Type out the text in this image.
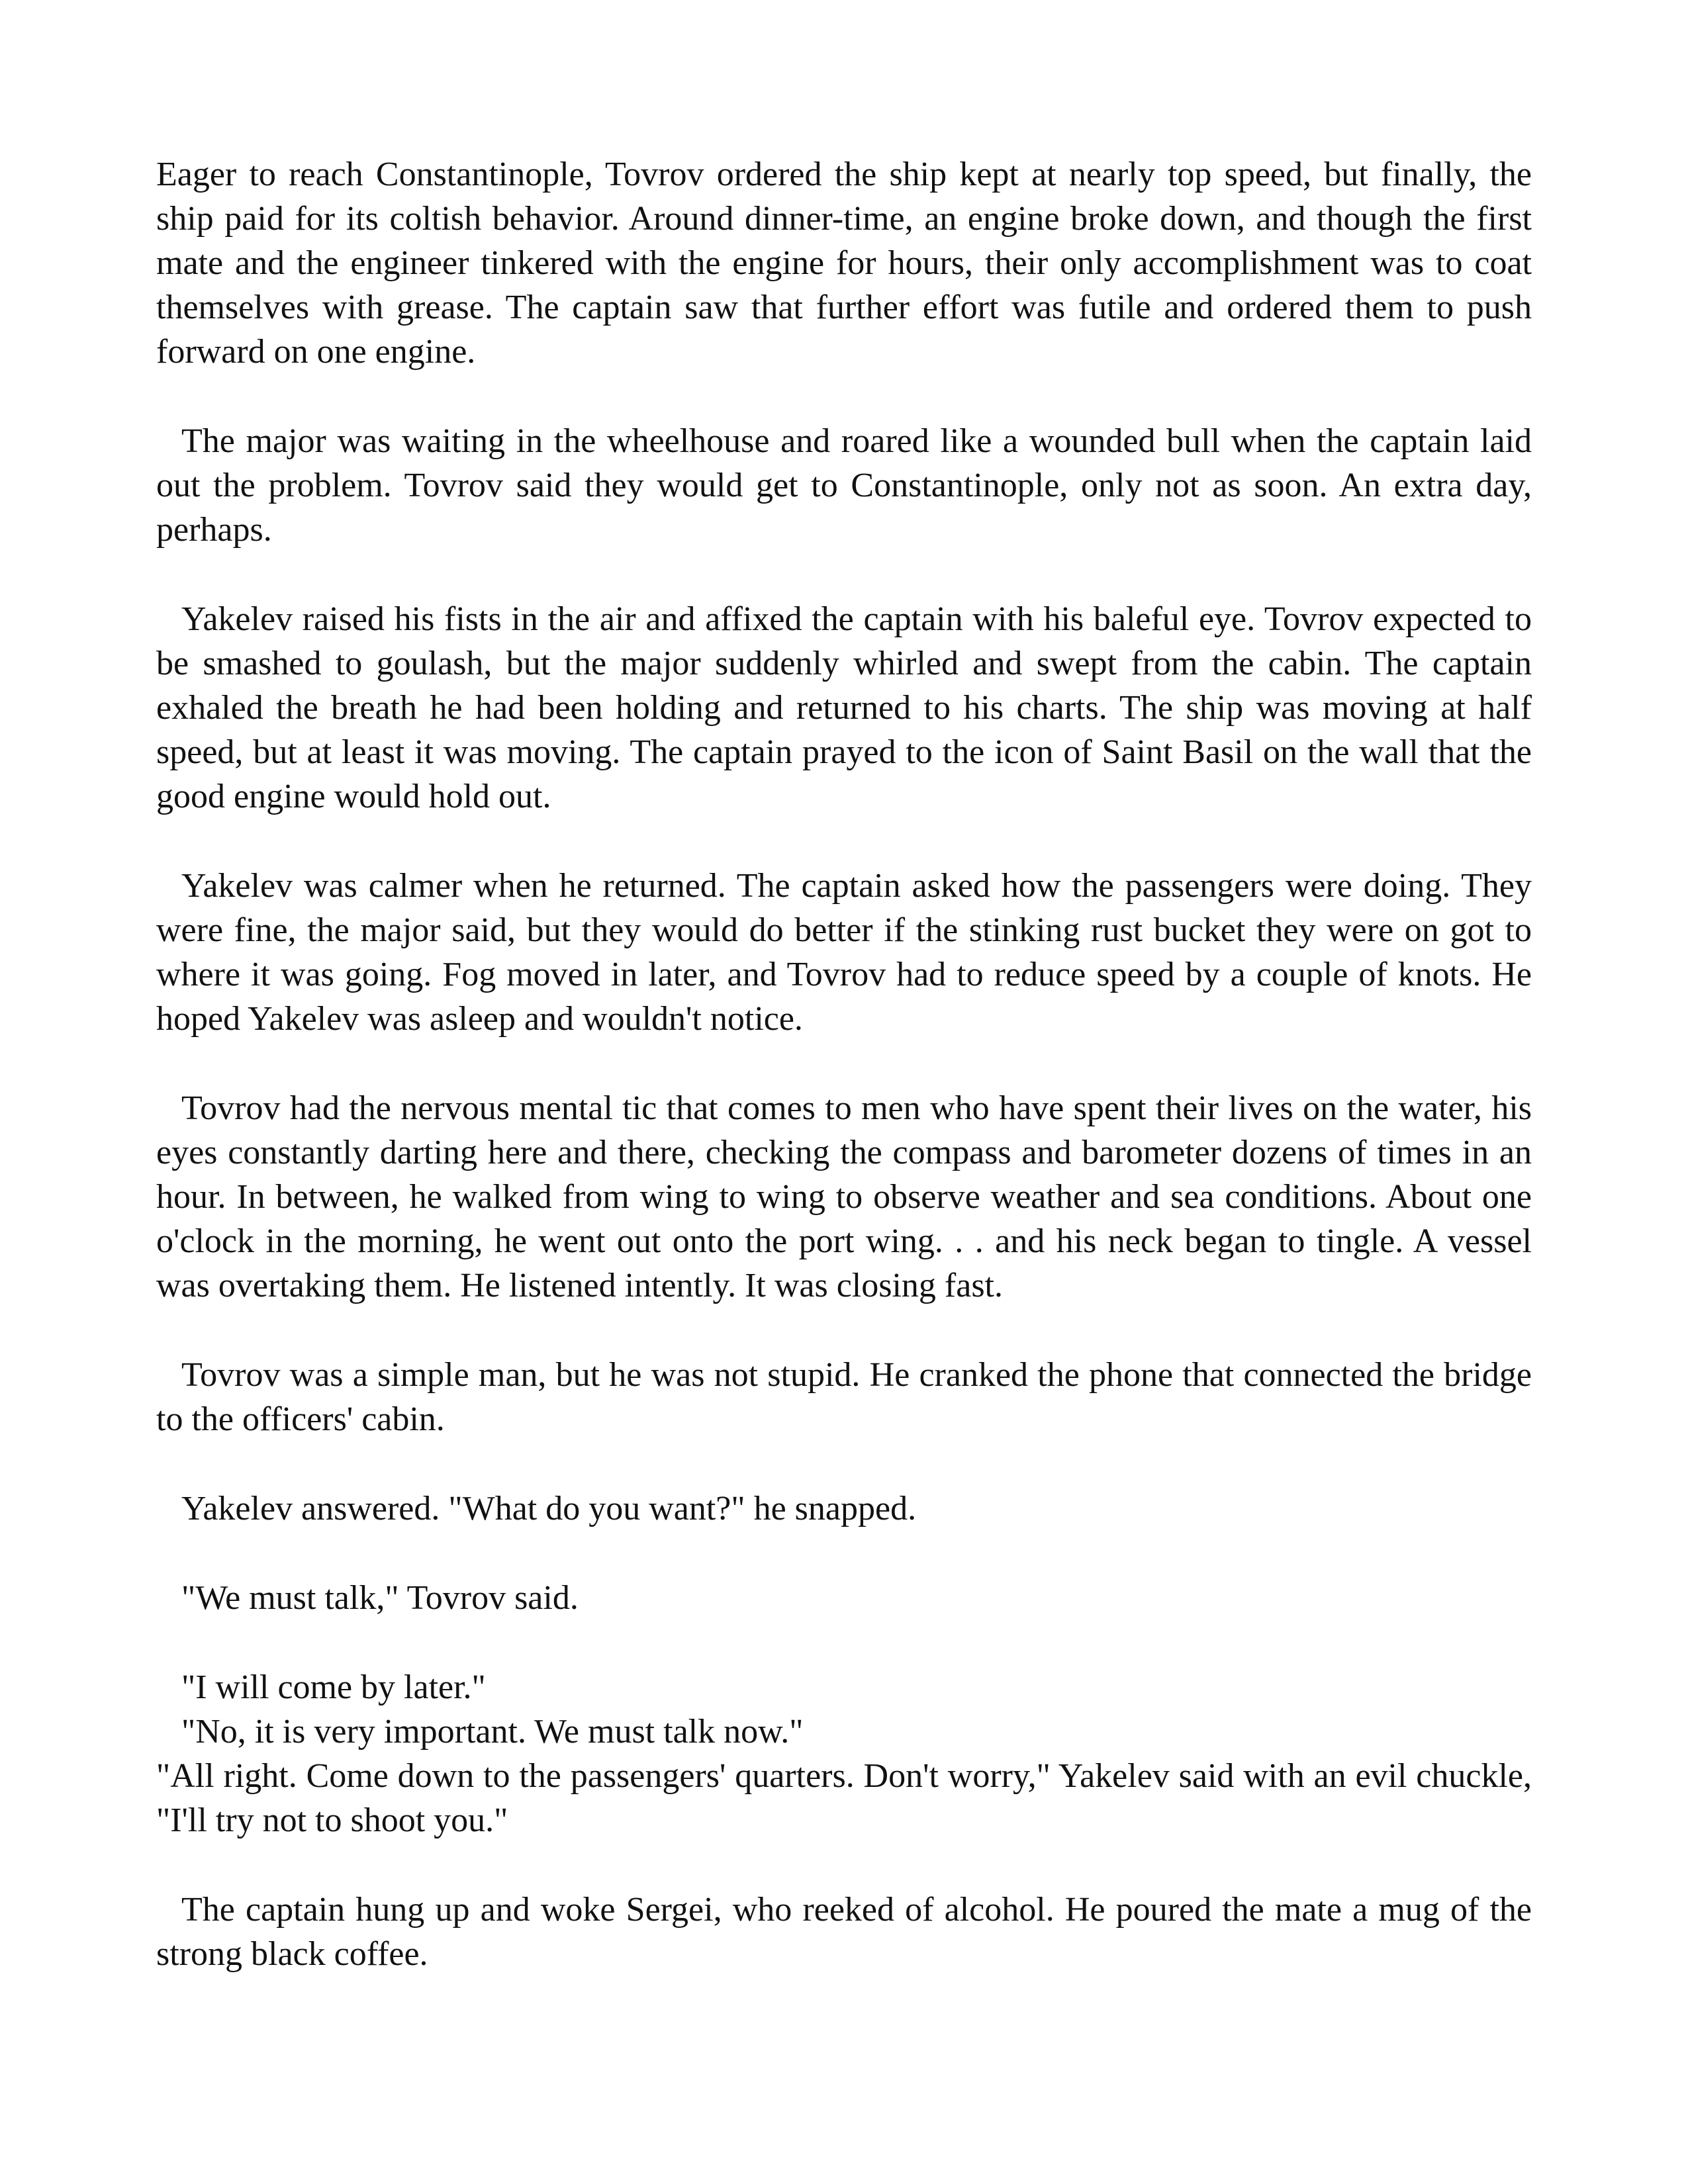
Eager to reach Constantinople, Tovrov ordered the ship kept at nearly top speed, but finally, the ship paid for its coltish behavior. Around dinner-time, an engine broke down, and though the first mate and the engineer tinkered with the engine for hours, their only accomplishment was to coat themselves with grease. The captain saw that further effort was futile and ordered them to push forward on one engine.

The major was waiting in the wheelhouse and roared like a wounded bull when the captain laid out the problem. Tovrov said they would get to Constantinople, only not as soon. An extra day, perhaps.

Yakelev raised his fists in the air and affixed the captain with his baleful eye. Tovrov expected to be smashed to goulash, but the major suddenly whirled and swept from the cabin. The captain exhaled the breath he had been holding and returned to his charts. The ship was moving at half speed, but at least it was moving. The captain prayed to the icon of Saint Basil on the wall that the good engine would hold out.

Yakelev was calmer when he returned. The captain asked how the passengers were doing. They were fine, the major said, but they would do better if the stinking rust bucket they were on got to where it was going. Fog moved in later, and Tovrov had to reduce speed by a couple of knots. He hoped Yakelev was asleep and wouldn't notice.

Tovrov had the nervous mental tic that comes to men who have spent their lives on the water, his eyes constantly darting here and there, checking the compass and barometer dozens of times in an hour. In between, he walked from wing to wing to observe weather and sea conditions. About one o'clock in the morning, he went out onto the port wing. . . and his neck began to tingle. A vessel was overtaking them. He listened intently. It was closing fast.

Tovrov was a simple man, but he was not stupid. He cranked the phone that connected the bridge to the officers' cabin.

Yakelev answered. "What do you want?" he snapped.

"We must talk," Tovrov said.

"I will come by later."

"No, it is very important. We must talk now."

"All right. Come down to the passengers' quarters. Don't worry," Yakelev said with an evil chuckle, "I'll try not to shoot you."

The captain hung up and woke Sergei, who reeked of alcohol. He poured the mate a mug of the strong black coffee.
